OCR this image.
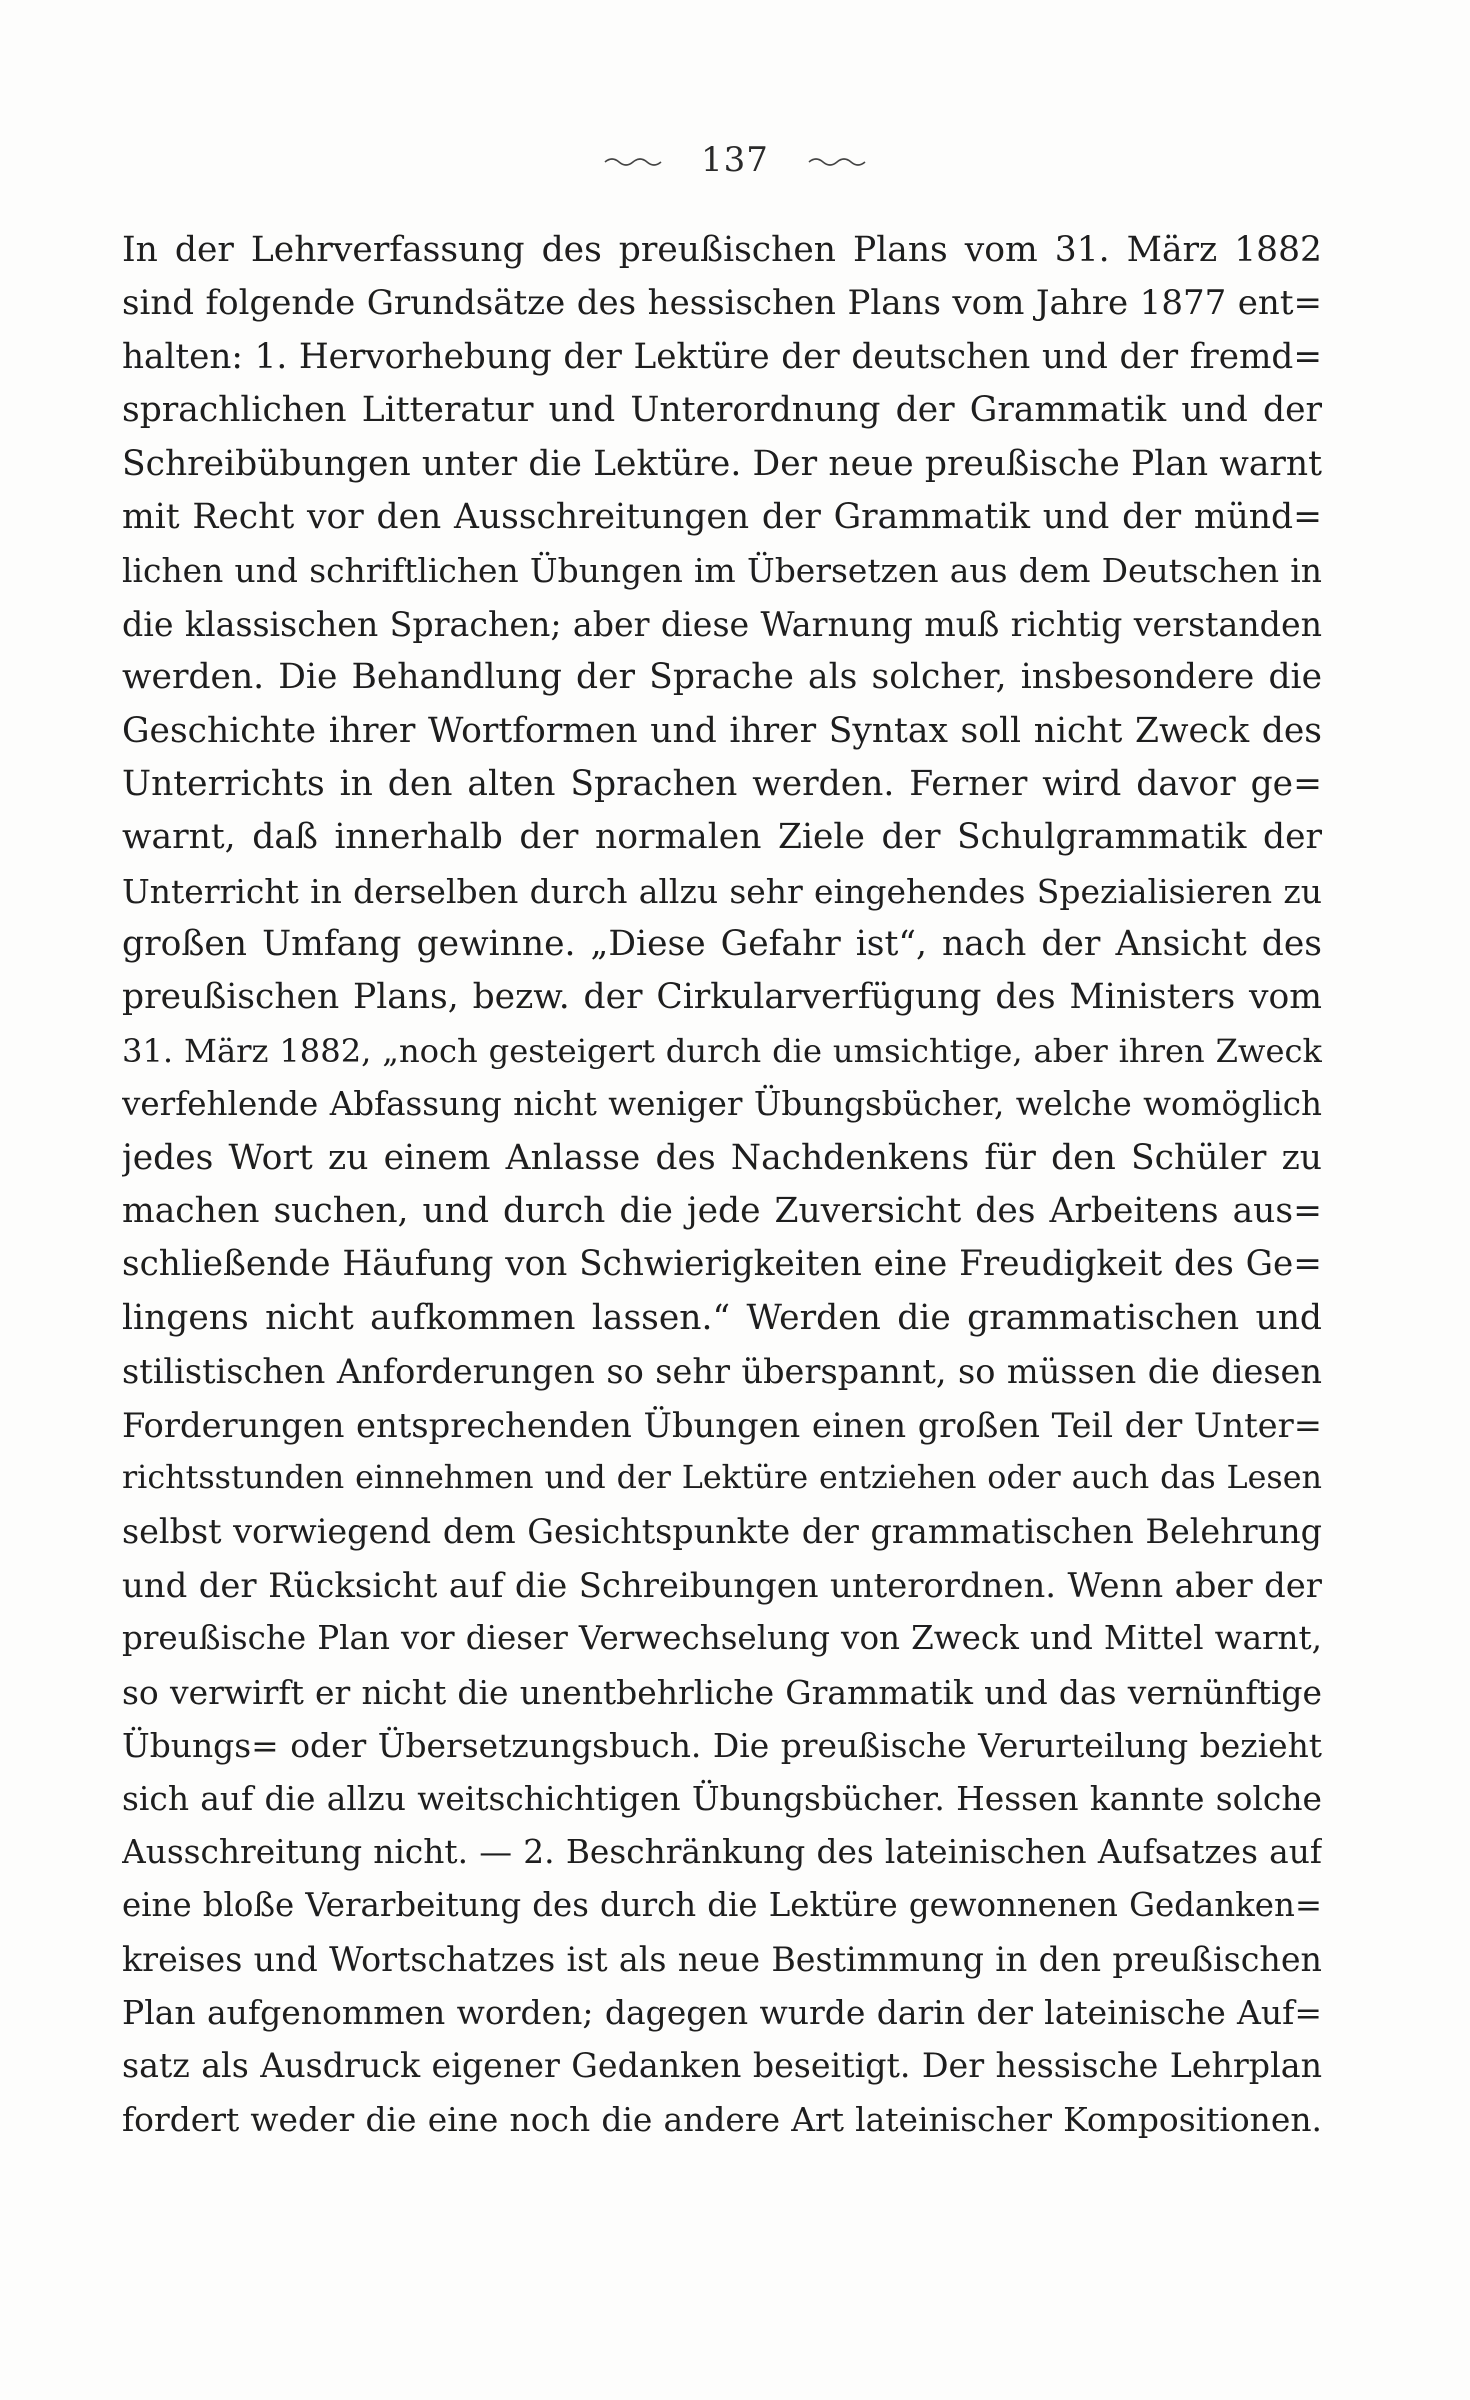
137
In der Lehrverfassung des preußischen Plans vom 31. März 1882
sind folgende Grundsätze des hessischen Plans vom Jahre 1877 ent=
halten: 1. Hervorhebung der Lektüre der deutschen und der fremd=
sprachlichen Litteratur und Unterordnung der Grammatik und der
Schreibübungen unter die Lektüre. Der neue preußische Plan warnt
mit Recht vor den Ausschreitungen der Grammatik und der münd=
lichen und schriftlichen Übungen im Übersetzen aus dem Deutschen in
die klassischen Sprachen; aber diese Warnung muß richtig verstanden
werden. Die Behandlung der Sprache als solcher, insbesondere die
Geschichte ihrer Wortformen und ihrer Syntax soll nicht Zweck des
Unterrichts in den alten Sprachen werden. Ferner wird davor ge=
warnt, daß innerhalb der normalen Ziele der Schulgrammatik der
Unterricht in derselben durch allzu sehr eingehendes Spezialisieren zu
großen Umfang gewinne. „Diese Gefahr ist“, nach der Ansicht des
preußischen Plans, bezw. der Cirkularverfügung des Ministers vom
31. März 1882, „noch gesteigert durch die umsichtige, aber ihren Zweck
verfehlende Abfassung nicht weniger Übungsbücher, welche womöglich
jedes Wort zu einem Anlasse des Nachdenkens für den Schüler zu
machen suchen, und durch die jede Zuversicht des Arbeitens aus=
schließende Häufung von Schwierigkeiten eine Freudigkeit des Ge=
lingens nicht aufkommen lassen.“ Werden die grammatischen und
stilistischen Anforderungen so sehr überspannt, so müssen die diesen
Forderungen entsprechenden Übungen einen großen Teil der Unter=
richtsstunden einnehmen und der Lektüre entziehen oder auch das Lesen
selbst vorwiegend dem Gesichtspunkte der grammatischen Belehrung
und der Rücksicht auf die Schreibungen unterordnen. Wenn aber der
preußische Plan vor dieser Verwechselung von Zweck und Mittel warnt,
so verwirft er nicht die unentbehrliche Grammatik und das vernünftige
Übungs= oder Übersetzungsbuch. Die preußische Verurteilung bezieht
sich auf die allzu weitschichtigen Übungsbücher. Hessen kannte solche
Ausschreitung nicht. — 2. Beschränkung des lateinischen Aufsatzes auf
eine bloße Verarbeitung des durch die Lektüre gewonnenen Gedanken=
kreises und Wortschatzes ist als neue Bestimmung in den preußischen
Plan aufgenommen worden; dagegen wurde darin der lateinische Auf=
satz als Ausdruck eigener Gedanken beseitigt. Der hessische Lehrplan
fordert weder die eine noch die andere Art lateinischer Kompositionen.
